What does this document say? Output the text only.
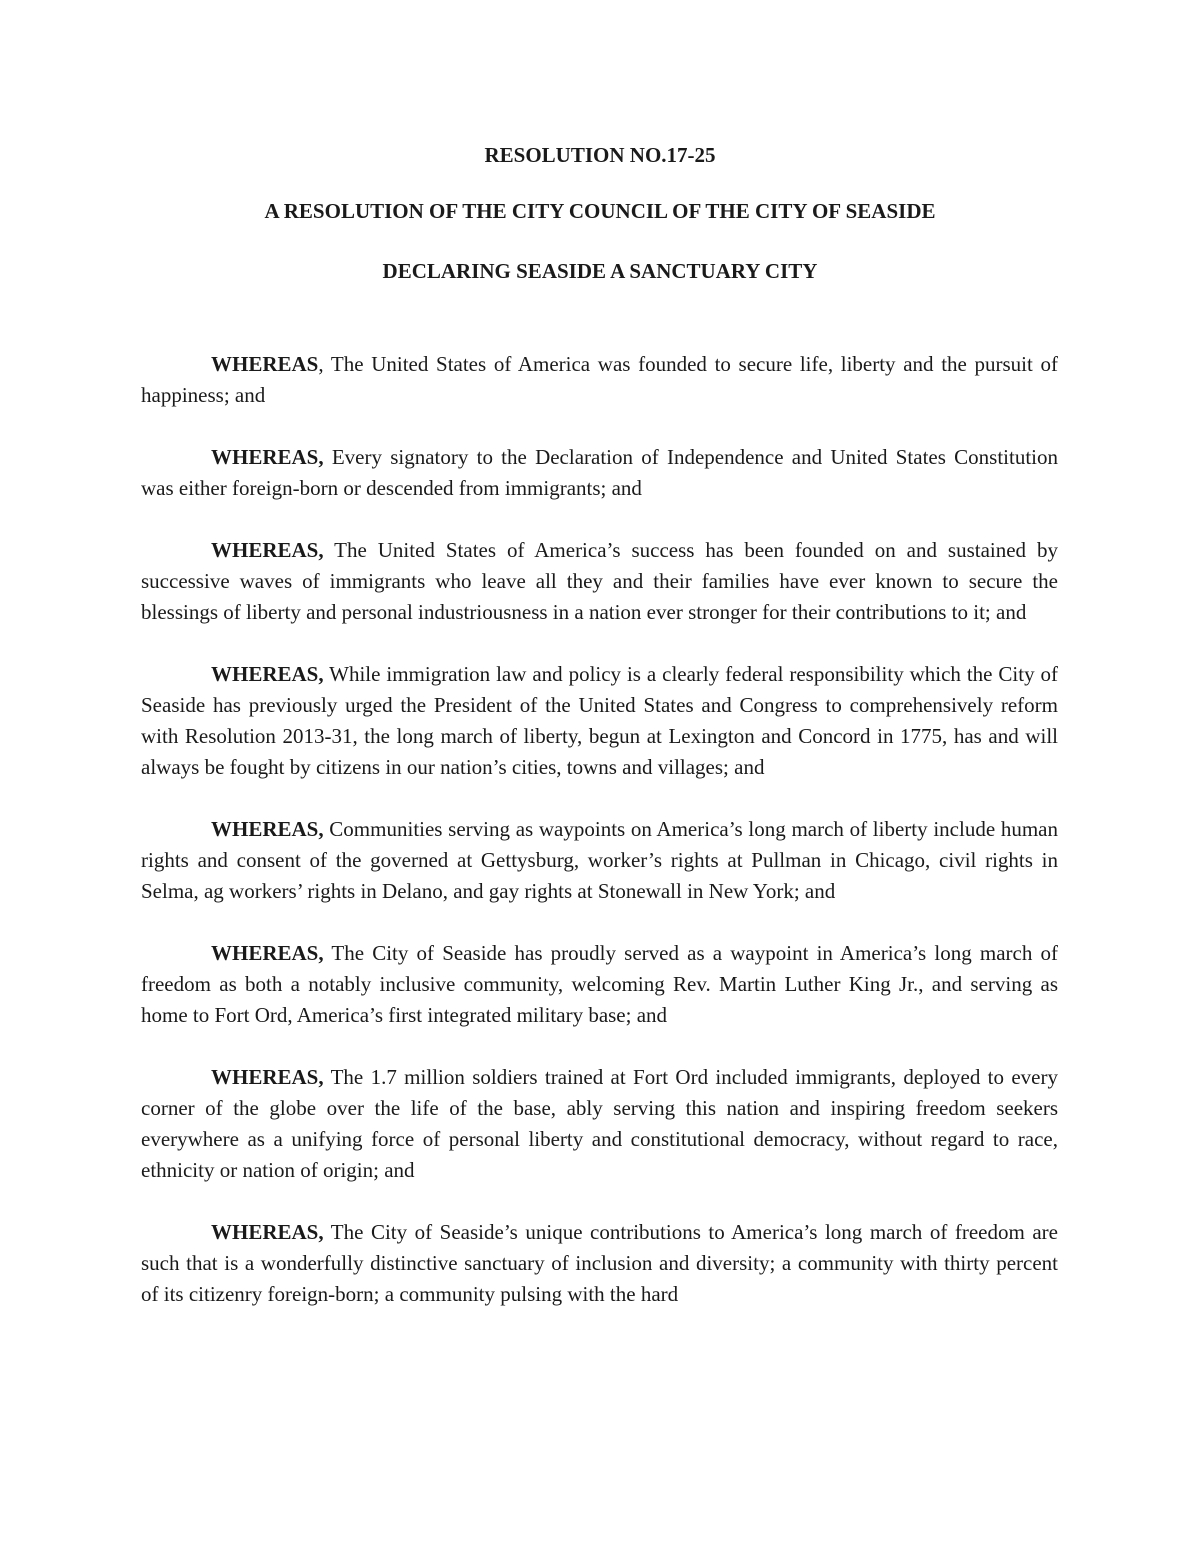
RESOLUTION NO.17-25

A RESOLUTION OF THE CITY COUNCIL OF THE CITY OF SEASIDE

DECLARING SEASIDE A SANCTUARY CITY

WHEREAS, The United States of America was founded to secure life, liberty and the pursuit of happiness; and

WHEREAS, Every signatory to the Declaration of Independence and United States Constitution was either foreign-born or descended from immigrants; and

WHEREAS, The United States of America’s success has been founded on and sustained by successive waves of immigrants who leave all they and their families have ever known to secure the blessings of liberty and personal industriousness in a nation ever stronger for their contributions to it; and

WHEREAS, While immigration law and policy is a clearly federal responsibility which the City of Seaside has previously urged the President of the United States and Congress to comprehensively reform with Resolution 2013-31, the long march of liberty, begun at Lexington and Concord in 1775, has and will always be fought by citizens in our nation’s cities, towns and villages; and

WHEREAS, Communities serving as waypoints on America’s long march of liberty include human rights and consent of the governed at Gettysburg, worker’s rights at Pullman in Chicago, civil rights in Selma, ag workers’ rights in Delano, and gay rights at Stonewall in New York; and

WHEREAS, The City of Seaside has proudly served as a waypoint in America’s long march of freedom as both a notably inclusive community, welcoming Rev. Martin Luther King Jr., and serving as home to Fort Ord, America’s first integrated military base; and

WHEREAS, The 1.7 million soldiers trained at Fort Ord included immigrants, deployed to every corner of the globe over the life of the base, ably serving this nation and inspiring freedom seekers everywhere as a unifying force of personal liberty and constitutional democracy, without regard to race, ethnicity or nation of origin; and

WHEREAS, The City of Seaside’s unique contributions to America’s long march of freedom are such that is a wonderfully distinctive sanctuary of inclusion and diversity; a community with thirty percent of its citizenry foreign-born; a community pulsing with the hard
